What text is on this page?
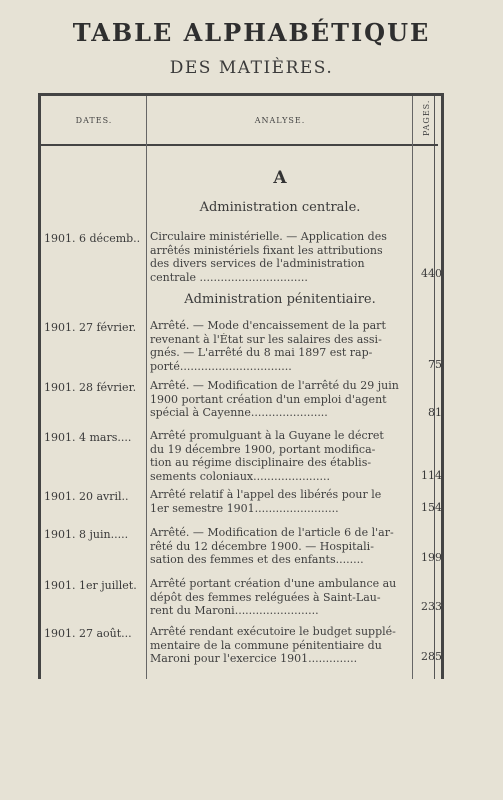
TABLE ALPHABÉTIQUE
DES MATIÈRES.
DATES.	ANALYSE.	PAGES.
A
Administration centrale.
1901. 6 décemb.. Circulaire ministérielle. — Application des
arrêtés ministériels fixant les attributions
des divers services de l'administration
centrale ...............................	440
Administration pénitentiaire.
1901. 27 février.	Arrêté. — Mode d'encaissement de la part
revenant à l'État sur les salaires des assi-
gnés. — L'arrêté du 8 mai 1897 est rap-
porté................................	75
1901. 28 février.	Arrêté. — Modification de l'arrêté du 29 juin
1900 portant création d'un emploi d'agent
spécial à Cayenne......................	81
1901. 4 mars....	Arrêté promulguant à la Guyane le décret
du 19 décembre 1900, portant modifica-
tion au régime disciplinaire des établis-
sements coloniaux......................	114
1901. 20 avril..	Arrêté relatif à l'appel des libérés pour le
1er semestre 1901........................	154
1901. 8 juin.....	Arrêté. — Modification de l'article 6 de l'ar-
rêté du 12 décembre 1900. — Hospitali-
sation des femmes et des enfants........	199
1901. 1er juillet.	Arrêté portant création d'une ambulance au
dépôt des femmes reléguées à Saint-Lau-
rent du Maroni........................	233
1901. 27 août...	Arrêté rendant exécutoire le budget supplé-
mentaire de la commune pénitentiaire du
Maroni pour l'exercice 1901..............	285
